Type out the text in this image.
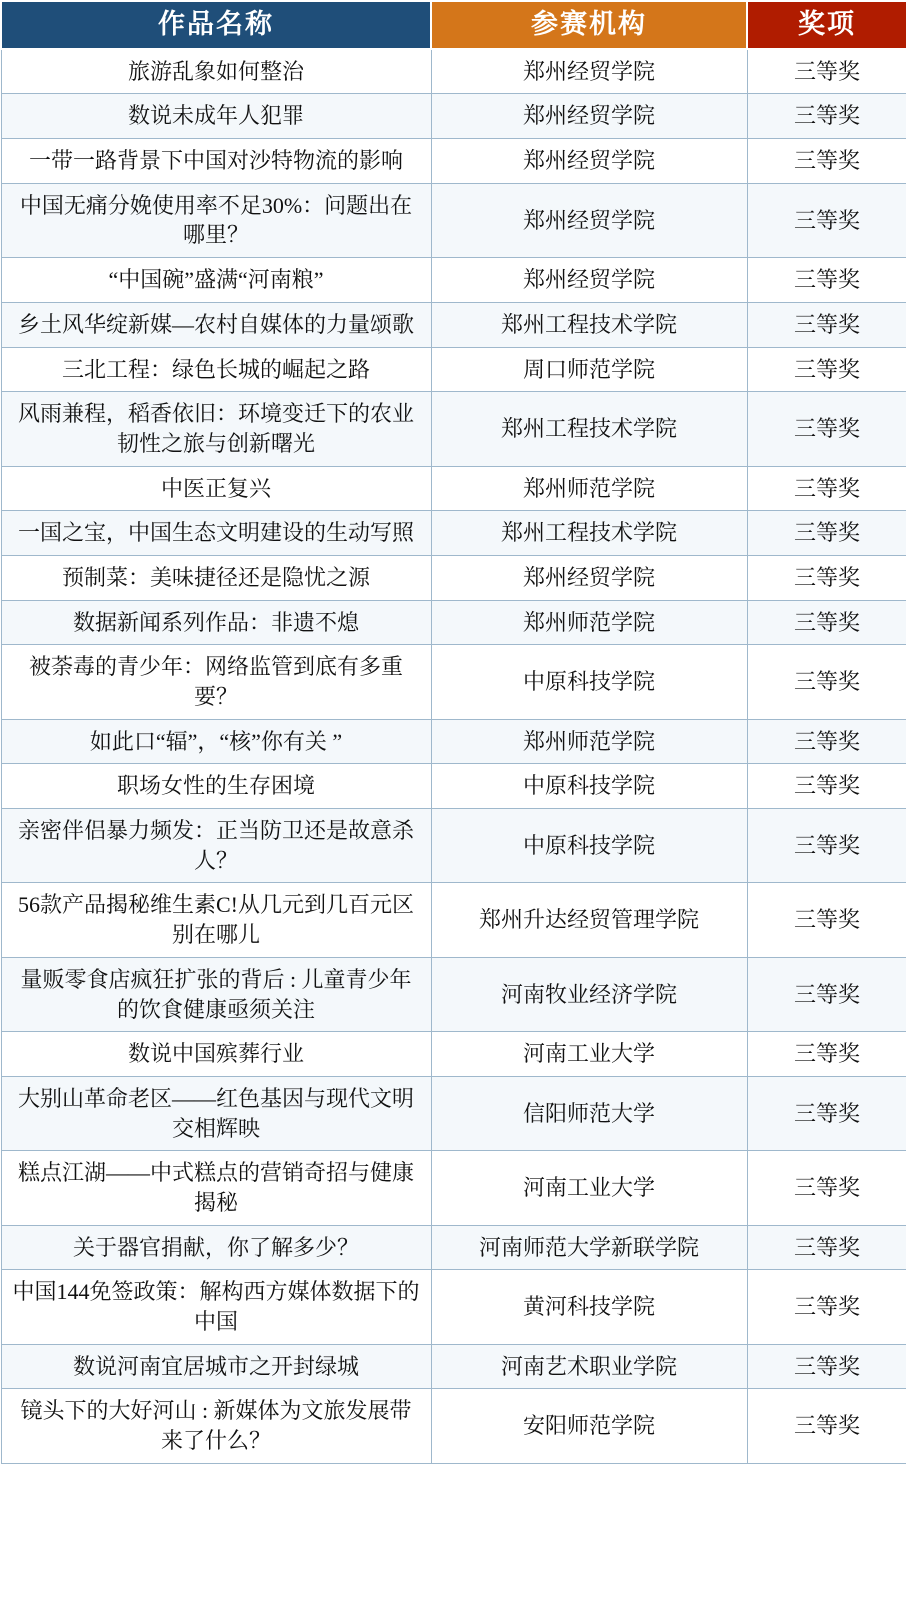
作品名称	参赛机构	奖项
旅游乱象如何整治	郑州经贸学院	三等奖
数说未成年人犯罪	郑州经贸学院	三等奖
一带一路背景下中国对沙特物流的影响	郑州经贸学院	三等奖
中国无痛分娩使用率不足30%：问题出在哪里？	郑州经贸学院	三等奖
“中国碗”盛满“河南粮”	郑州经贸学院	三等奖
乡土风华绽新媒—农村自媒体的力量颂歌	郑州工程技术学院	三等奖
三北工程：绿色长城的崛起之路	周口师范学院	三等奖
风雨兼程，稻香依旧：环境变迁下的农业韧性之旅与创新曙光	郑州工程技术学院	三等奖
中医正复兴	郑州师范学院	三等奖
一国之宝，中国生态文明建设的生动写照	郑州工程技术学院	三等奖
预制菜：美味捷径还是隐忧之源	郑州经贸学院	三等奖
数据新闻系列作品：非遗不熄	郑州师范学院	三等奖
被荼毒的青少年：网络监管到底有多重要？	中原科技学院	三等奖
如此口“辐”，“核”你有关 ”	郑州师范学院	三等奖
职场女性的生存困境	中原科技学院	三等奖
亲密伴侣暴力频发：正当防卫还是故意杀人？	中原科技学院	三等奖
56款产品揭秘维生素C!从几元到几百元区别在哪儿	郑州升达经贸管理学院	三等奖
量贩零食店疯狂扩张的背后 : 儿童青少年的饮食健康亟须关注	河南牧业经济学院	三等奖
数说中国殡葬行业	河南工业大学	三等奖
大别山革命老区——红色基因与现代文明交相辉映	信阳师范大学	三等奖
糕点江湖——中式糕点的营销奇招与健康揭秘	河南工业大学	三等奖
关于器官捐献，你了解多少？	河南师范大学新联学院	三等奖
中国144免签政策：解构西方媒体数据下的中国	黄河科技学院	三等奖
数说河南宜居城市之开封绿城	河南艺术职业学院	三等奖
镜头下的大好河山 : 新媒体为文旅发展带来了什么？	安阳师范学院	三等奖
